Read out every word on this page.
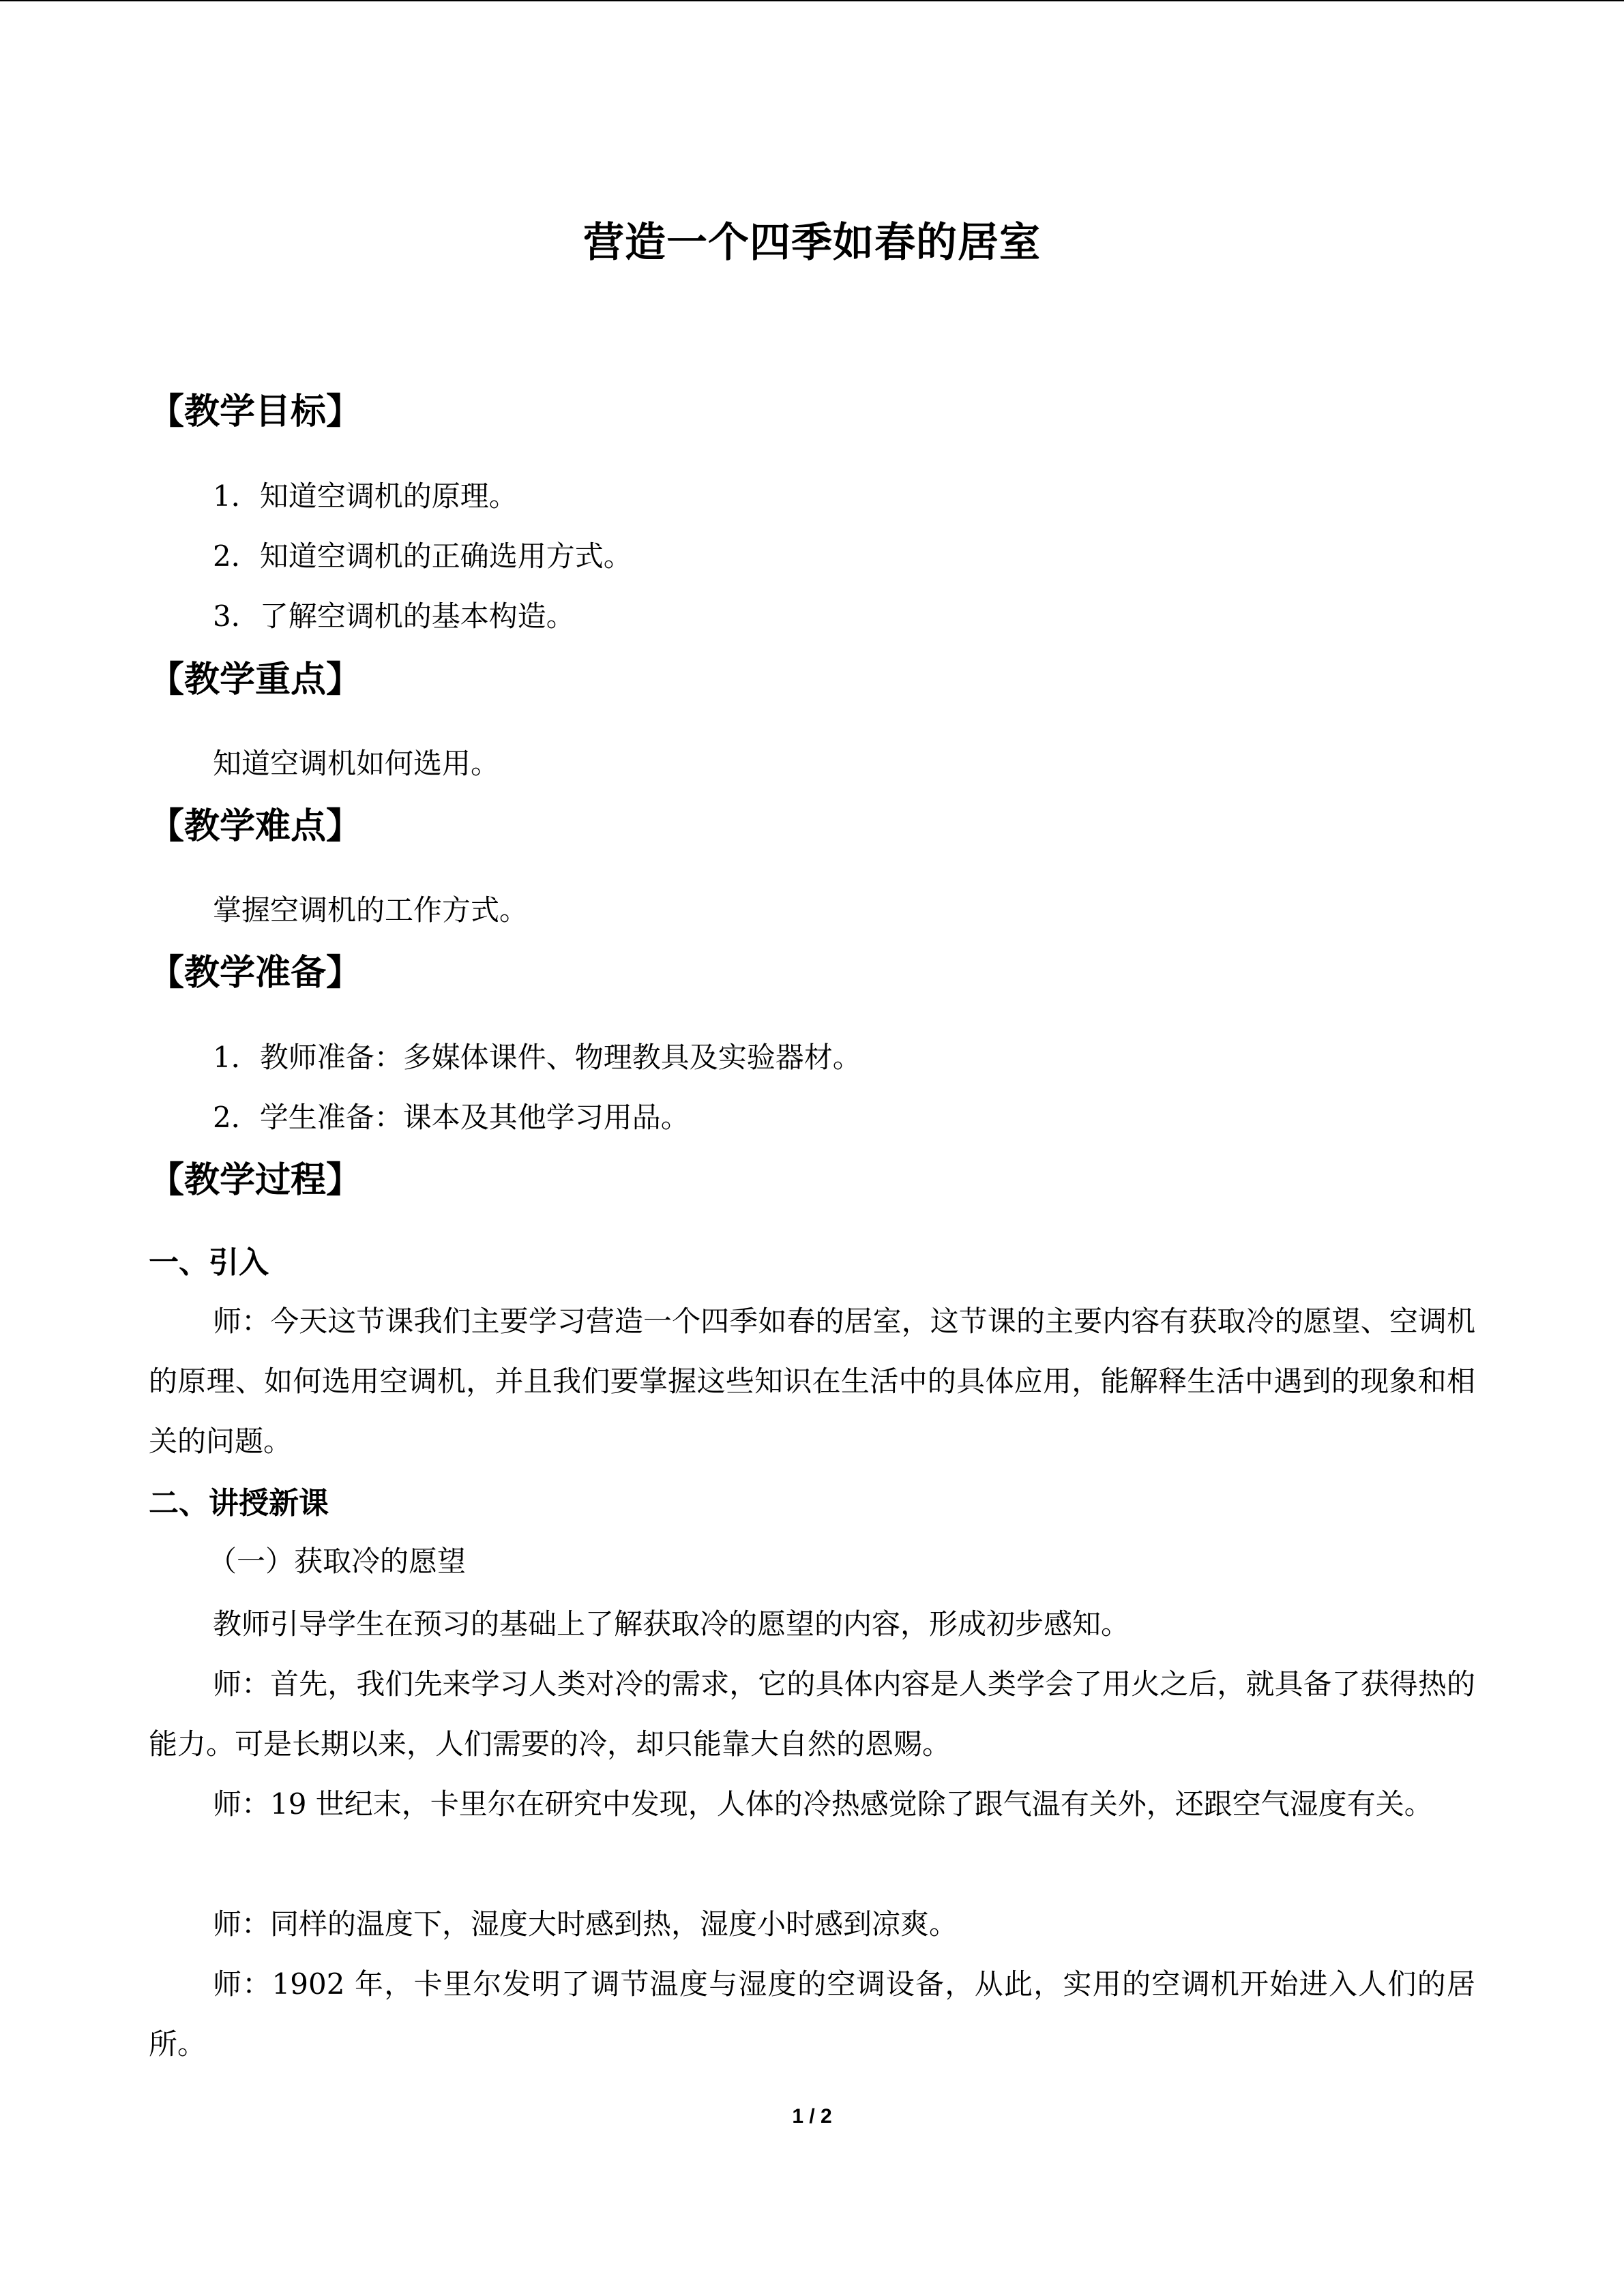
营造一个四季如春的居室
【教学目标】
1．知道空调机的原理。
2．知道空调机的正确选用方式。
3．了解空调机的基本构造。
【教学重点】
知道空调机如何选用。
【教学难点】
掌握空调机的工作方式。
【教学准备】
1．教师准备：多媒体课件、物理教具及实验器材。
2．学生准备：课本及其他学习用品。
【教学过程】
一、引入
师：今天这节课我们主要学习营造一个四季如春的居室，这节课的主要内容有获取冷的愿望、空调机的原理、如何选用空调机，并且我们要掌握这些知识在生活中的具体应用，能解释生活中遇到的现象和相关的问题。
二、讲授新课
（一）获取冷的愿望
教师引导学生在预习的基础上了解获取冷的愿望的内容，形成初步感知。
师：首先，我们先来学习人类对冷的需求，它的具体内容是人类学会了用火之后，就具备了获得热的能力。可是长期以来，人们需要的冷，却只能靠大自然的恩赐。
师：19 世纪末，卡里尔在研究中发现，人体的冷热感觉除了跟气温有关外，还跟空气湿度有关。
师：同样的温度下，湿度大时感到热，湿度小时感到凉爽。
师：1902 年，卡里尔发明了调节温度与湿度的空调设备，从此，实用的空调机开始进入人们的居所。
1 / 2
